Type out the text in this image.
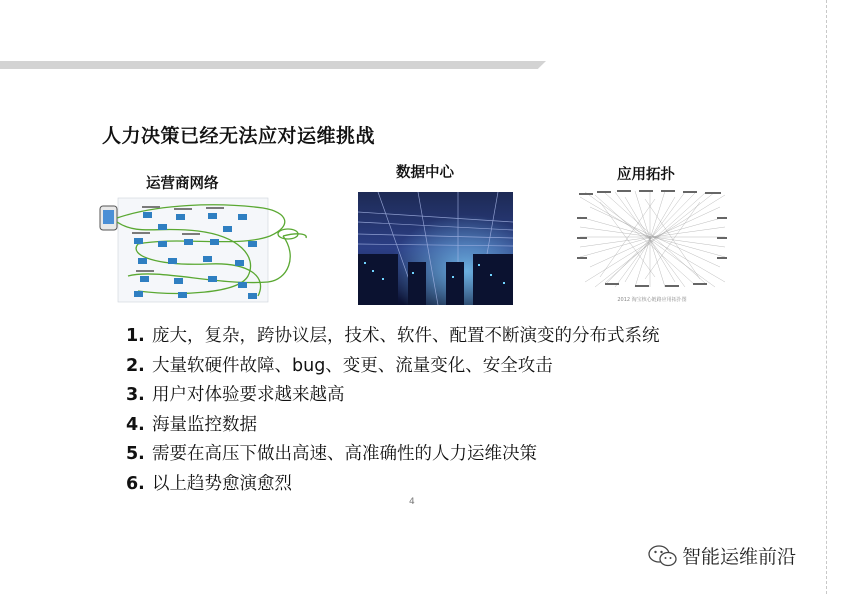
人力决策已经无法应对运维挑战
运营商网络
数据中心	应用拓扑
2012 淘宝核心链路应用拓扑图
1. 庞大，复杂，跨协议层，技术、软件、配置不断演变的分布式系统
2. 大量软硬件故障、bug、变更、流量变化、安全攻击
3. 用户对体验要求越来越高
4. 海量监控数据
5. 需要在高压下做出高速、高准确性的人力运维决策
6. 以上趋势愈演愈烈
4
智能运维前沿
